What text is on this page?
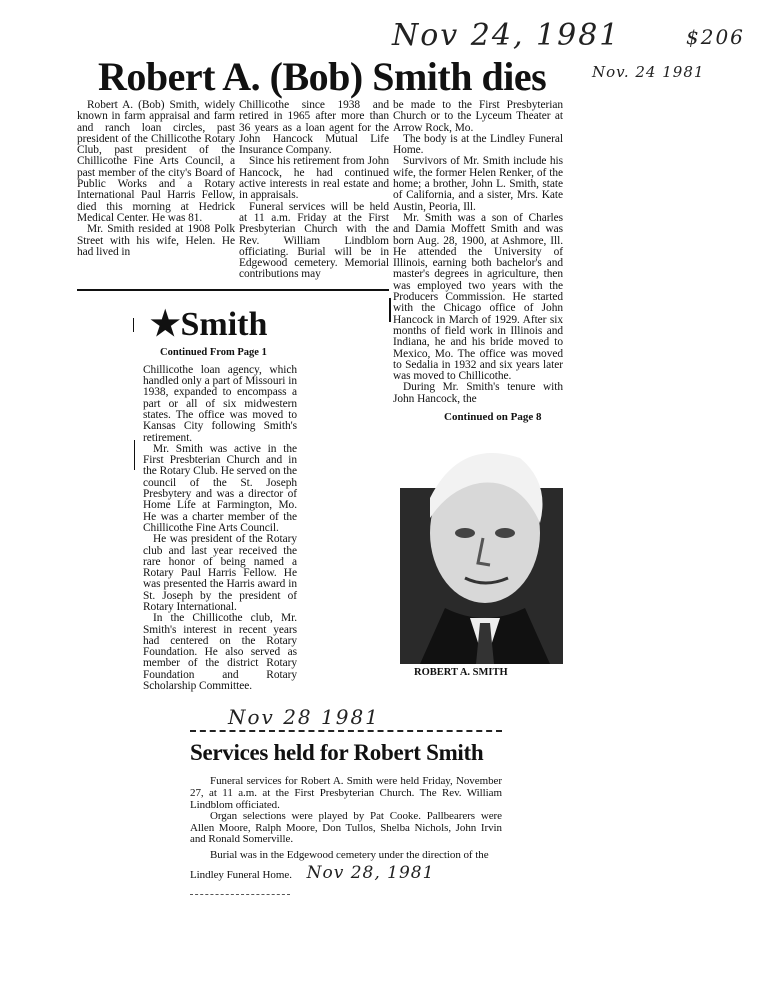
Nov 24, 1981	$206
Nov. 24 1981
Robert A. (Bob) Smith dies

Robert A. (Bob) Smith, widely known in farm appraisal and farm and ranch loan circles, past president of the Chillicothe Rotary Club, past president of the Chillicothe Fine Arts Council, a past member of the city's Board of Public Works and a Rotary International Paul Harris Fellow, died this morning at Hedrick Medical Center. He was 81.

Mr. Smith resided at 1908 Polk Street with his wife, Helen. He had lived in

Chillicothe since 1938 and retired in 1965 after more than 36 years as a loan agent for the John Hancock Mutual Life Insurance Company.

Since his retirement from John Hancock, he had continued active interests in real estate and in appraisals.

Funeral services will be held at 11 a.m. Friday at the First Presbyterian Church with the Rev. William Lindblom officiating. Burial will be in Edgewood cemetery. Memorial contributions may

be made to the First Presbyterian Church or to the Lyceum Theater at Arrow Rock, Mo.

The body is at the Lindley Funeral Home.

Survivors of Mr. Smith include his wife, the former Helen Renker, of the home; a brother, John L. Smith, state of California, and a sister, Mrs. Kate Austin, Peoria, Ill.

Mr. Smith was a son of Charles and Damia Moffett Smith and was born Aug. 28, 1900, at Ashmore, Ill. He attended the University of Illinois, earning both bachelor's and master's degrees in agriculture, then was employed two years with the Producers Commission. He started with the Chicago office of John Hancock in March of 1929. After six months of field work in Illinois and Indiana, he and his bride moved to Mexico, Mo. The office was moved to Sedalia in 1932 and six years later was moved to Chillicothe.

During Mr. Smith's tenure with John Hancock, the

Continued on Page 8
ROBERT A. SMITH
★Smith
Continued From Page 1

Chillicothe loan agency, which handled only a part of Missouri in 1938, expanded to encompass a part or all of six midwestern states. The office was moved to Kansas City following Smith's retirement.

Mr. Smith was active in the First Presbterian Church and in the Rotary Club. He served on the council of the St. Joseph Presbytery and was a director of Home Life at Farmington, Mo. He was a charter member of the Chillicothe Fine Arts Council.

He was president of the Rotary club and last year received the rare honor of being named a Rotary Paul Harris Fellow. He was presented the Harris award in St. Joseph by the president of Rotary International.

In the Chillicothe club, Mr. Smith's interest in recent years had centered on the Rotary Foundation. He also served as member of the district Rotary Foundation and Rotary Scholarship Committee.

Nov 28 1981
Services held for Robert Smith

Funeral services for Robert A. Smith were held Friday, November 27, at 11 a.m. at the First Presbyterian Church. The Rev. William Lindblom officiated.

Organ selections were played by Pat Cooke. Pallbearers were Allen Moore, Ralph Moore, Don Tullos, Shelba Nichols, John Irvin and Ronald Somerville.

Burial was in the Edgewood cemetery under the direction of the Lindley Funeral Home. Nov 28, 1981
